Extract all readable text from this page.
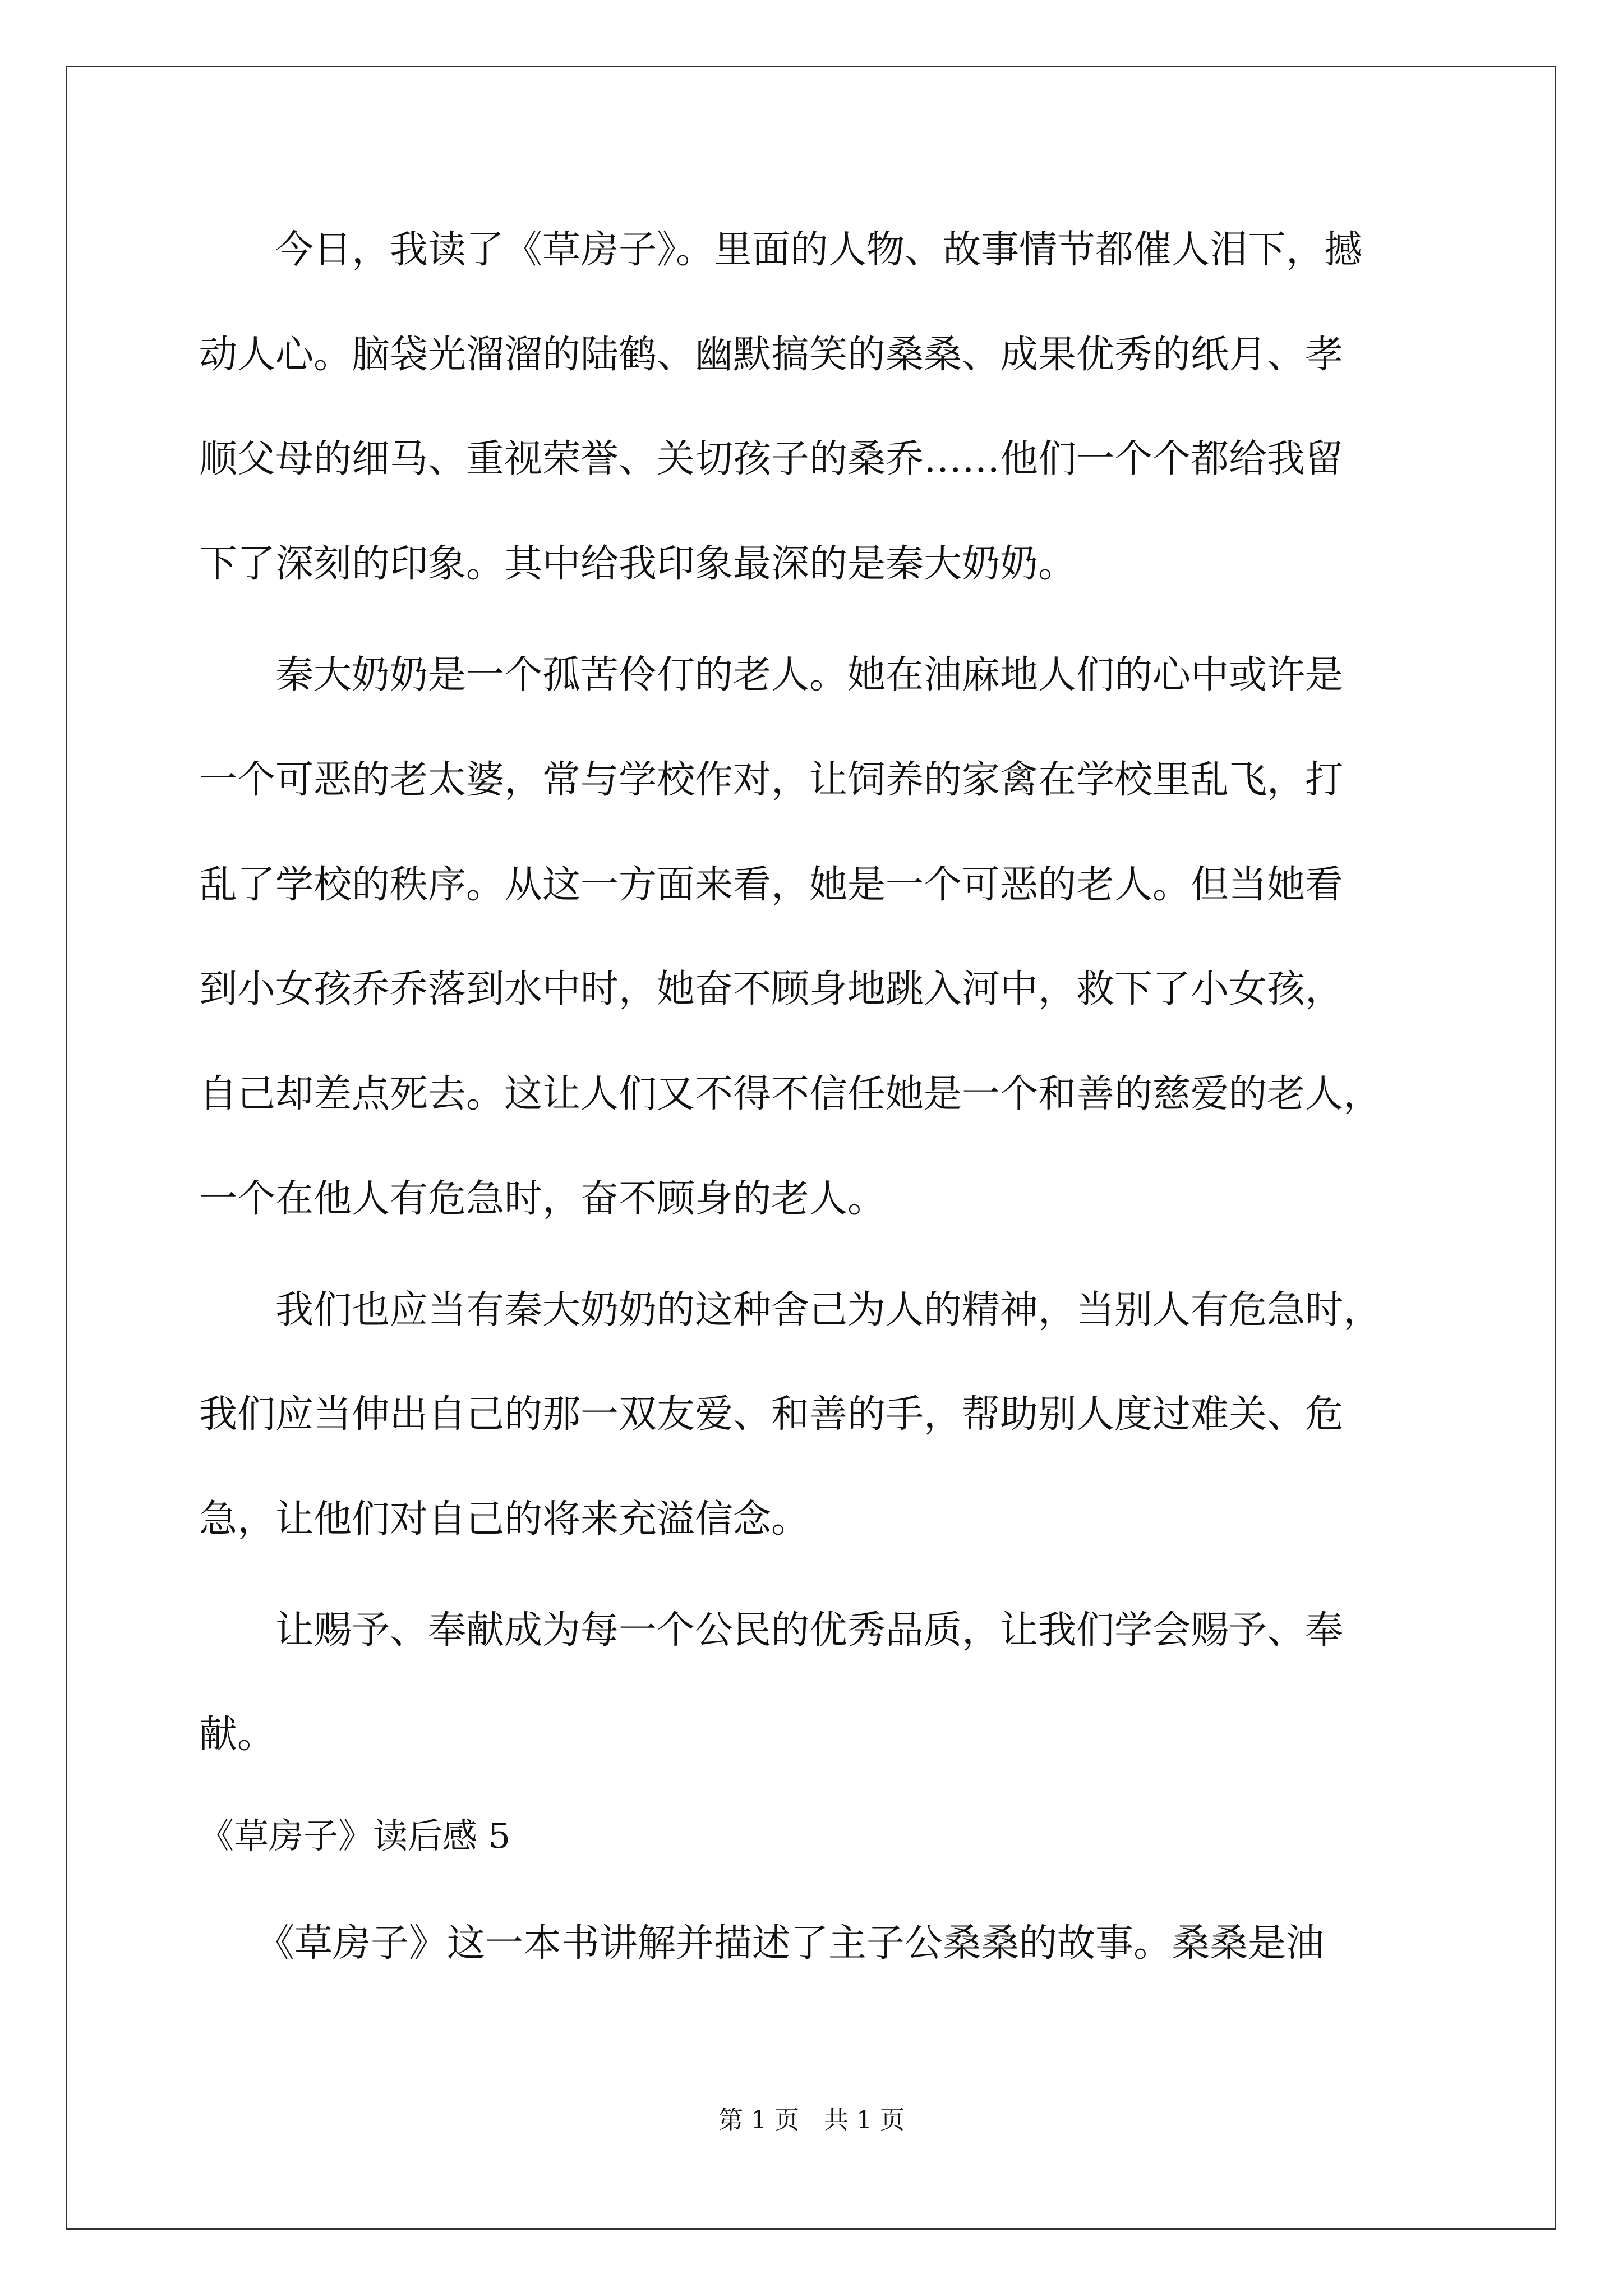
　　今日，我读了《草房子》。里面的人物、故事情节都催人泪下，撼
动人心。脑袋光溜溜的陆鹤、幽默搞笑的桑桑、成果优秀的纸月、孝
顺父母的细马、重视荣誉、关切孩子的桑乔……他们一个个都给我留
下了深刻的印象。其中给我印象最深的是秦大奶奶。
　　秦大奶奶是一个孤苦伶仃的老人。她在油麻地人们的心中或许是
一个可恶的老太婆，常与学校作对，让饲养的家禽在学校里乱飞，打
乱了学校的秩序。从这一方面来看，她是一个可恶的老人。但当她看
到小女孩乔乔落到水中时，她奋不顾身地跳入河中，救下了小女孩，
自己却差点死去。这让人们又不得不信任她是一个和善的慈爱的老人，
一个在他人有危急时，奋不顾身的老人。
　　我们也应当有秦大奶奶的这种舍己为人的精神，当别人有危急时，
我们应当伸出自己的那一双友爱、和善的手，帮助别人度过难关、危
急，让他们对自己的将来充溢信念。
　　让赐予、奉献成为每一个公民的优秀品质，让我们学会赐予、奉
献。
《草房子》读后感 5
　　《草房子》这一本书讲解并描述了主子公桑桑的故事。桑桑是油
第 1 页　共 1 页
